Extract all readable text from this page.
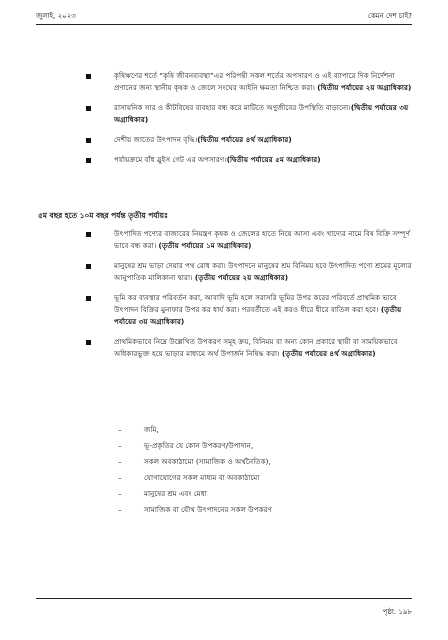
জুলাই, ২০২৩	কেমন দেশ চাই?
কৃষিঋণের শর্তে “কৃষি জীবনব্যবস্থা”এর পরিপন্থী সকল শর্তের অপসারণ ও এই ব্যাপারে দিক নির্দেশনা প্রণানের জন্য স্থানীয় কৃষক ও জেলে সংঘের আইনি ক্ষমতা নিশ্চিত করা। (দ্বিতীয় পর্যায়ের ২য় অগ্রাধিকার)
রাসায়নিক সার ও কীটবিষের ব্যবহার বন্ধ করে মাটিতে অণুজীবের উপস্থিতি বাড়ানো।(দ্বিতীয় পর্যায়ের ৩য় অগ্রাধিকার)
দেশীয় জাতের উৎপাদন বৃদ্ধি।(দ্বিতীয় পর্যায়ের ৪র্থ অগ্রাধিকার)
পর্যায়ক্রমে বাঁধ স্লুইস গেট এর অপসারণ।(দ্বিতীয় পর্যায়ের ৫ম অগ্রাধিকার)
৫ম বছর হতে ১০ম বছর পর্যন্ত তৃতীয় পর্যায়ঃ
উৎপাদিত পণ্যের বাজারের নিয়ন্ত্রণ কৃষক ও জেলের হাতে নিয়ে আসা এবং খাদ্যের নামে বিষ বিক্রি সম্পূর্ণ ভাবে বন্ধ করা। (তৃতীয় পর্যায়ের ১ম অগ্রাধিকার)
মানুষের শ্রম ভাড়া দেয়ার পথ রোধ করা। উৎপাদনে মানুষের শ্রম বিনিময় হবে উৎপাদিত পণ্যে শ্রমের মূল্যের আনুপাতিক মালিকানা দ্বারা। (তৃতীয় পর্যায়ের ২য় অগ্রাধিকার)
ভূমি কর ব্যবস্থার পরিবর্তন করা, আবাদি ভূমি হলে সরাসরি ভূমির উপর করের পরিবর্তে প্রাথমিক ভাবে উৎপাদন বিক্রির মুনাফার উপর কর ধার্য করা। পরবর্তীতে এই করও ধীরে ধীরে বাতিল করা হবে। (তৃতীয় পর্যায়ের ৩য় অগ্রাধিকার)
প্রাথমিকভাবে নিম্নে উল্লেখিত উপকরণ সমূহ ক্রয়, বিনিময় বা অন্য কোন প্রকারে স্থায়ী বা সাময়িকভাবে অধিকারভুক্ত হয়ে ভাড়ার মাধ্যমে অর্থ উপার্জন নিষিদ্ধ করা। (তৃতীয় পর্যায়ের ৪র্থ অগ্রাধিকার)
–	জমি,
–	ভূ-প্রকৃতির যে কোন উপকরণ/উপাদান,
–	সকল অবকাঠামো (সামাজিক ও অর্থনৈতিক),
–	যোগাযোগের সকল মাধ্যম বা অবকাঠামো
–	মানুষের শ্রম এবং মেধা
–	সামাজিক বা যৌথ উৎপাদনের সকল উপকরণ
পৃষ্ঠা. ১৯৮
